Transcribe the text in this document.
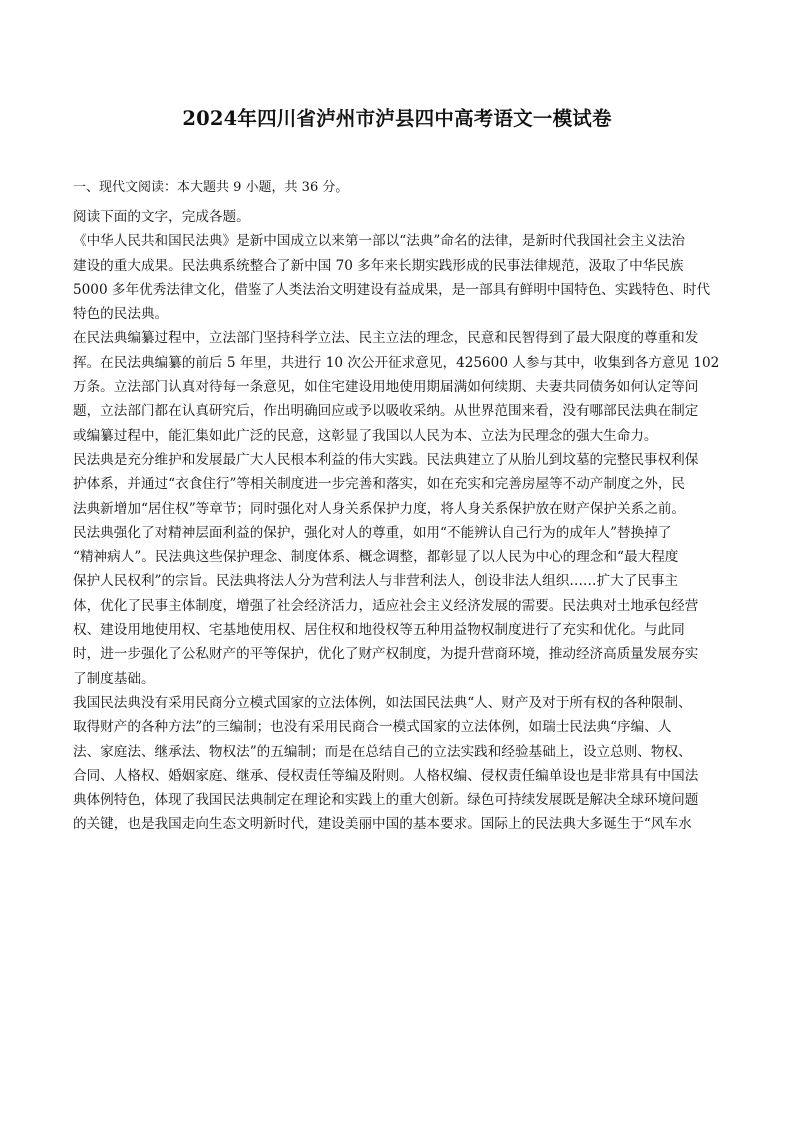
2024年四川省泸州市泸县四中高考语文一模试卷
一、现代文阅读：本大题共 9 小题，共 36 分。
阅读下面的文字，完成各题。
《中华人民共和国民法典》是新中国成立以来第一部以“法典”命名的法律，是新时代我国社会主义法治
建设的重大成果。民法典系统整合了新中国 70 多年来长期实践形成的民事法律规范，汲取了中华民族
5000 多年优秀法律文化，借鉴了人类法治文明建设有益成果，是一部具有鲜明中国特色、实践特色、时代
特色的民法典。
在民法典编纂过程中，立法部门坚持科学立法、民主立法的理念，民意和民智得到了最大限度的尊重和发
挥。在民法典编纂的前后 5 年里，共进行 10 次公开征求意见，425600 人参与其中，收集到各方意见 102
万条。立法部门认真对待每一条意见，如住宅建设用地使用期届满如何续期、夫妻共同债务如何认定等问
题，立法部门都在认真研究后，作出明确回应或予以吸收采纳。从世界范围来看，没有哪部民法典在制定
或编纂过程中，能汇集如此广泛的民意，这彰显了我国以人民为本、立法为民理念的强大生命力。
民法典是充分维护和发展最广大人民根本利益的伟大实践。民法典建立了从胎儿到坟墓的完整民事权利保
护体系，并通过“衣食住行”等相关制度进一步完善和落实，如在充实和完善房屋等不动产制度之外，民
法典新增加“居住权”等章节；同时强化对人身关系保护力度，将人身关系保护放在财产保护关系之前。
民法典强化了对精神层面利益的保护，强化对人的尊重，如用“不能辨认自己行为的成年人”替换掉了
“精神病人”。民法典这些保护理念、制度体系、概念调整，都彰显了以人民为中心的理念和“最大程度
保护人民权利”的宗旨。民法典将法人分为营利法人与非营利法人，创设非法人组织……扩大了民事主
体，优化了民事主体制度，增强了社会经济活力，适应社会主义经济发展的需要。民法典对土地承包经营
权、建设用地使用权、宅基地使用权、居住权和地役权等五种用益物权制度进行了充实和优化。与此同
时，进一步强化了公私财产的平等保护，优化了财产权制度，为提升营商环境，推动经济高质量发展夯实
了制度基础。
我国民法典没有采用民商分立模式国家的立法体例，如法国民法典“人、财产及对于所有权的各种限制、
取得财产的各种方法”的三编制；也没有采用民商合一模式国家的立法体例，如瑞士民法典“序编、人
法、家庭法、继承法、物权法”的五编制；而是在总结自己的立法实践和经验基础上，设立总则、物权、
合同、人格权、婚姻家庭、继承、侵权责任等编及附则。人格权编、侵权责任编单设也是非常具有中国法
典体例特色，体现了我国民法典制定在理论和实践上的重大创新。绿色可持续发展既是解决全球环境问题
的关键，也是我国走向生态文明新时代，建设美丽中国的基本要求。国际上的民法典大多诞生于“风车水
